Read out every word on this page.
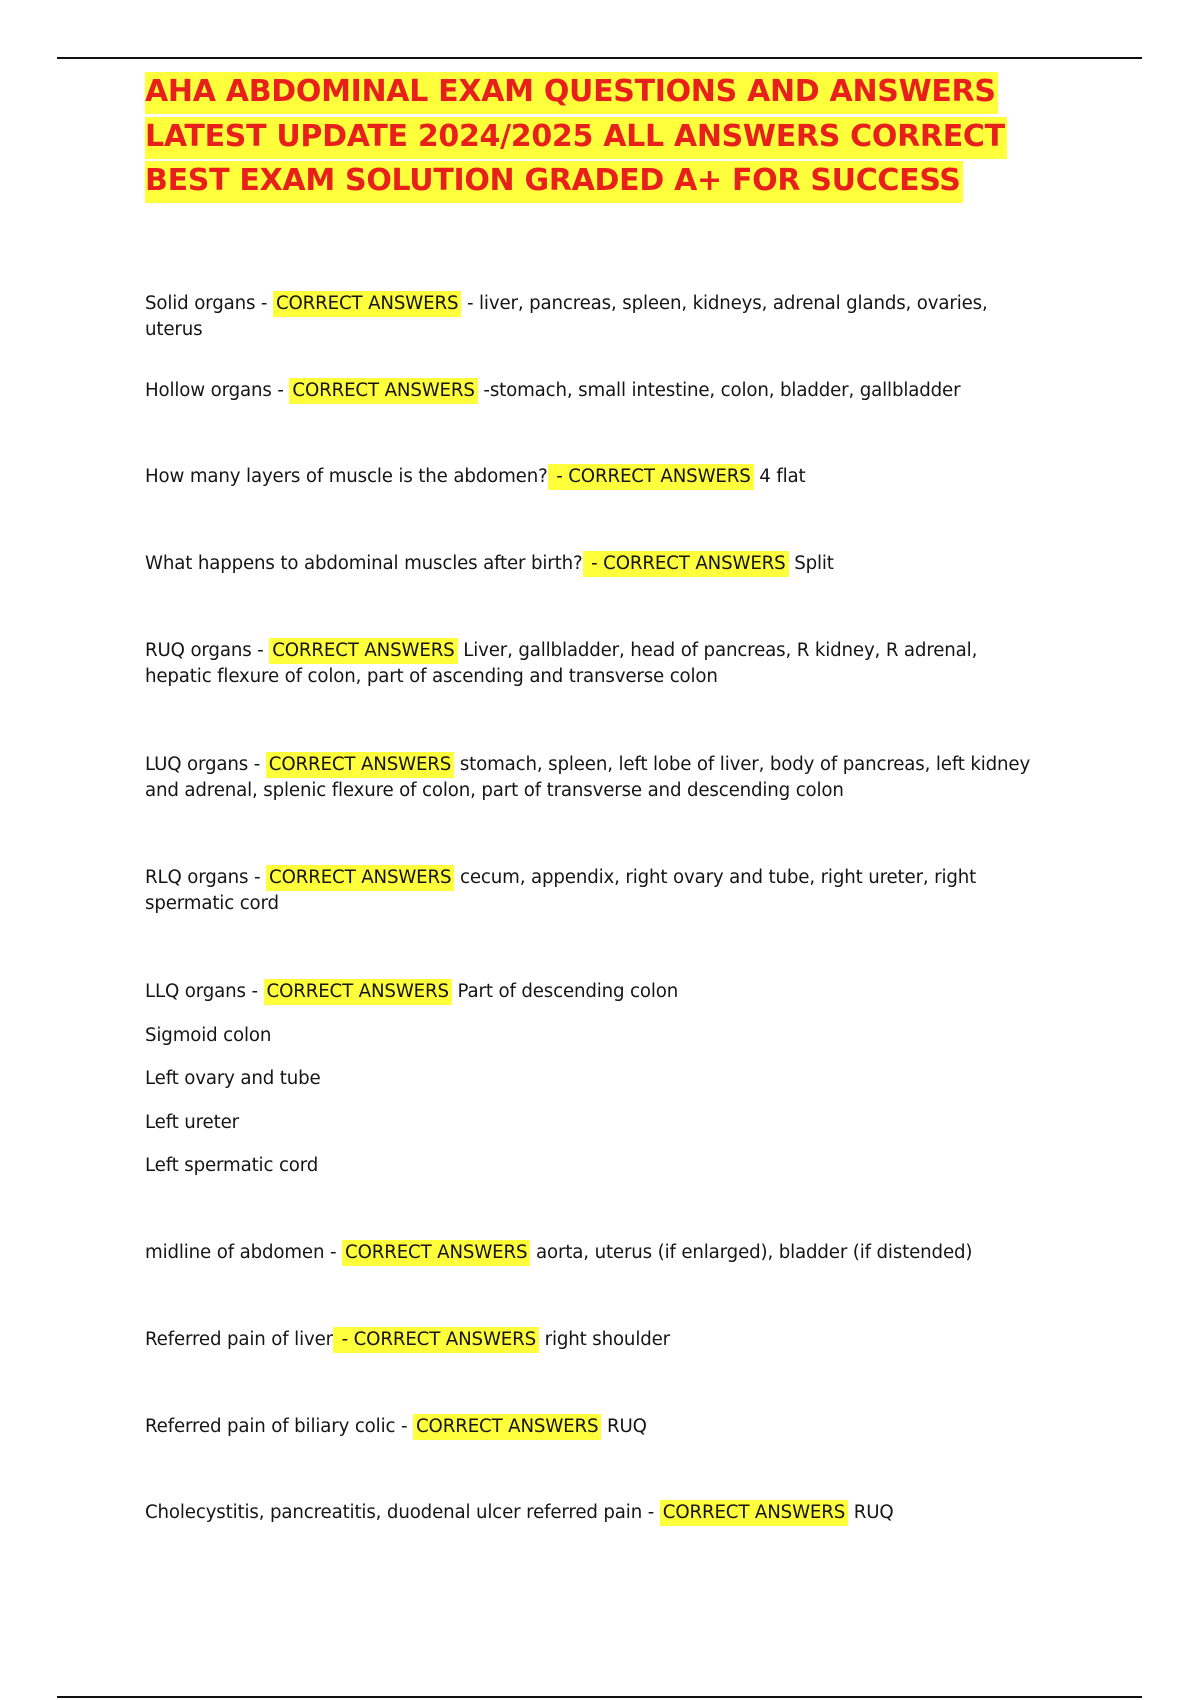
AHA ABDOMINAL EXAM QUESTIONS AND ANSWERS LATEST UPDATE 2024/2025 ALL ANSWERS CORRECT BEST EXAM SOLUTION GRADED A+ FOR SUCCESS
Solid organs - CORRECT ANSWERS - liver, pancreas, spleen, kidneys, adrenal glands, ovaries, uterus
Hollow organs - CORRECT ANSWERS -stomach, small intestine, colon, bladder, gallbladder
How many layers of muscle is the abdomen? - CORRECT ANSWERS 4 flat
What happens to abdominal muscles after birth? - CORRECT ANSWERS Split
RUQ organs - CORRECT ANSWERS Liver, gallbladder, head of pancreas, R kidney, R adrenal, hepatic flexure of colon, part of ascending and transverse colon
LUQ organs - CORRECT ANSWERS stomach, spleen, left lobe of liver, body of pancreas, left kidney and adrenal, splenic flexure of colon, part of transverse and descending colon
RLQ organs - CORRECT ANSWERS cecum, appendix, right ovary and tube, right ureter, right spermatic cord
LLQ organs - CORRECT ANSWERS Part of descending colon
Sigmoid colon
Left ovary and tube
Left ureter
Left spermatic cord
midline of abdomen - CORRECT ANSWERS aorta, uterus (if enlarged), bladder (if distended)
Referred pain of liver - CORRECT ANSWERS right shoulder
Referred pain of biliary colic - CORRECT ANSWERS RUQ
Cholecystitis, pancreatitis, duodenal ulcer referred pain - CORRECT ANSWERS RUQ
